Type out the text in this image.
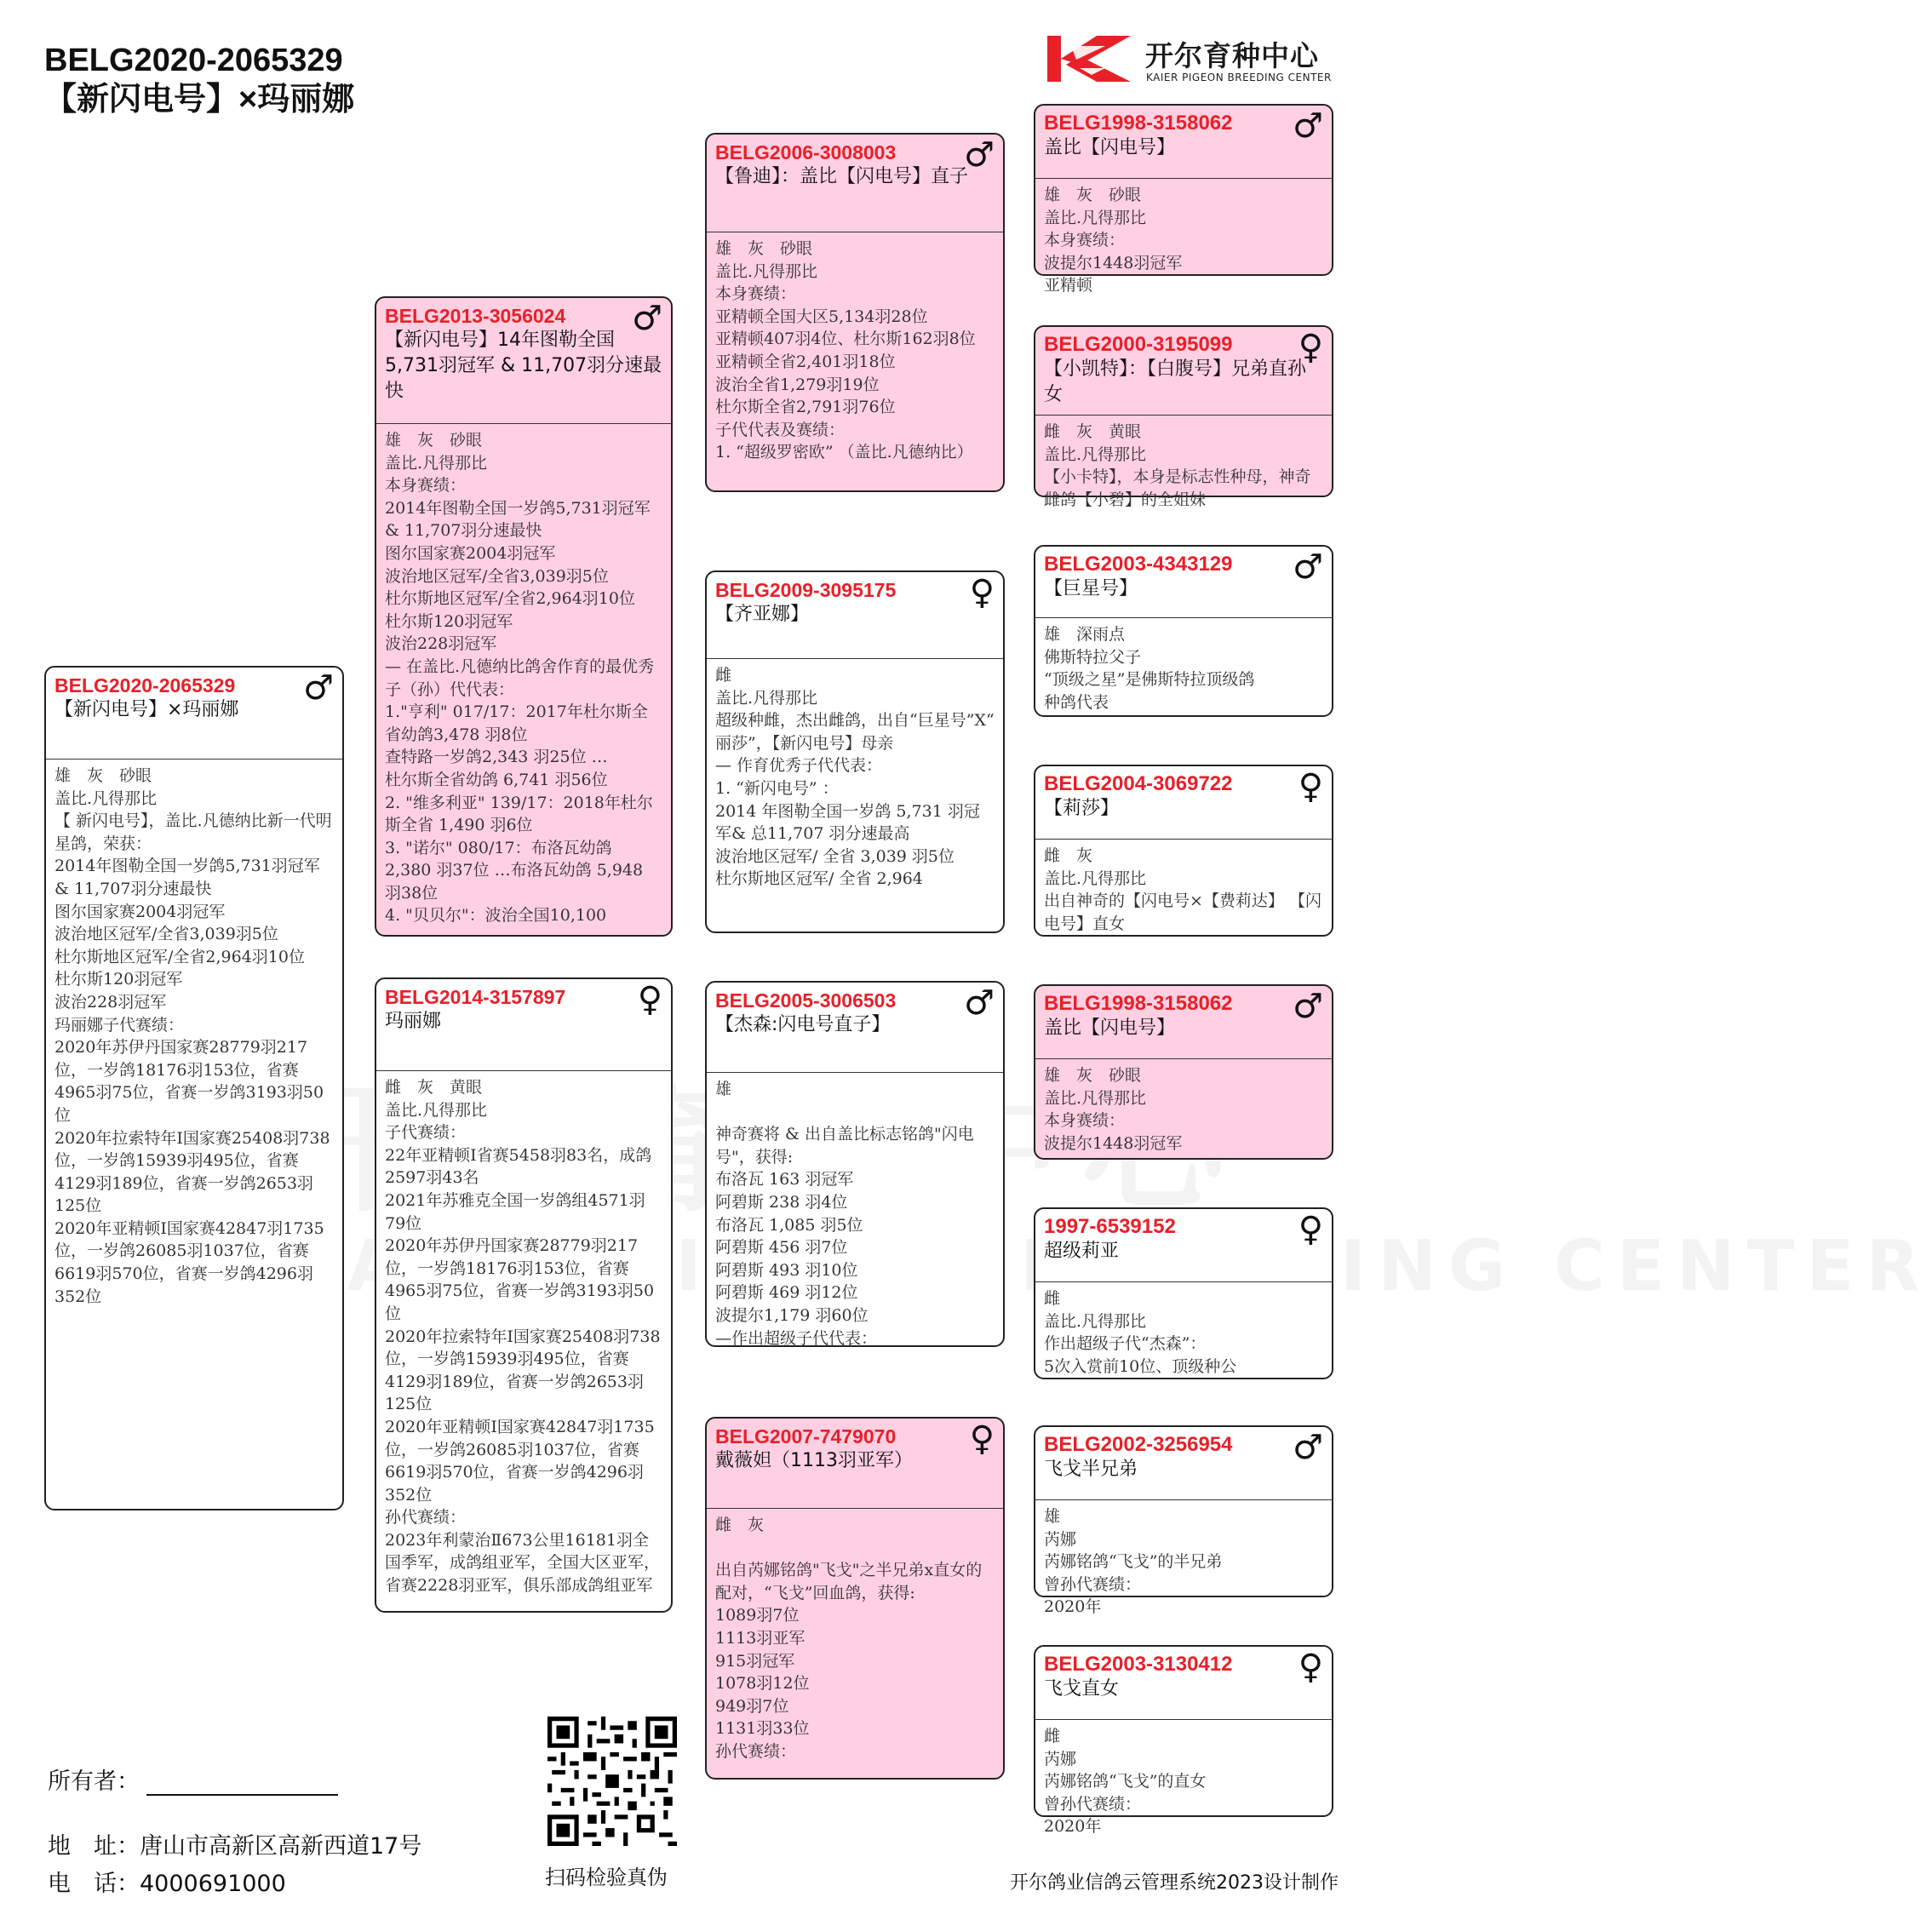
BELG2020-2065329
【新闪电号】×玛丽娜
开尔育种中心
KAIER PIGEON BREEDING CENTER
BELG2020-2065329
【新闪电号】×玛丽娜
♂
雄　灰　砂眼
盖比.凡得那比
【 新闪电号】，盖比.凡德纳比新一代明星鸽，荣获：
2014年图勒全国一岁鸽5,731羽冠军 & 11,707羽分速最快
图尔国家赛2004羽冠军
波治地区冠军/全省3,039羽5位
杜尔斯地区冠军/全省2,964羽10位
杜尔斯120羽冠军
波治228羽冠军
玛丽娜子代赛绩：
2020年苏伊丹国家赛28779羽217位，一岁鸽18176羽153位，省赛4965羽75位，省赛一岁鸽3193羽50位
2020年拉索特年I国家赛25408羽738位，一岁鸽15939羽495位，省赛4129羽189位，省赛一岁鸽2653羽125位
2020年亚精顿I国家赛42847羽1735位，一岁鸽26085羽1037位，省赛6619羽570位，省赛一岁鸽4296羽352位
BELG2013-3056024
【新闪电号】14年图勒全国5,731羽冠军 & 11,707羽分速最快
♂
雄　灰　砂眼
盖比.凡得那比
本身赛绩：
2014年图勒全国一岁鸽5,731羽冠军 & 11,707羽分速最快
图尔国家赛2004羽冠军
波治地区冠军/全省3,039羽5位
杜尔斯地区冠军/全省2,964羽10位
杜尔斯120羽冠军
波治228羽冠军
— 在盖比.凡德纳比鸽舍作育的最优秀子（孙）代代表：
1."亨利" 017/17：2017年杜尔斯全省幼鸽3,478 羽8位
查特路一岁鸽2,343 羽25位 …
杜尔斯全省幼鸽 6,741 羽56位
2. "维多利亚" 139/17：2018年杜尔斯全省 1,490 羽6位
3. "诺尔" 080/17：布洛瓦幼鸽 2,380 羽37位 …布洛瓦幼鸽 5,948 羽38位
4. "贝贝尔"：波治全国10,100
BELG2014-3157897
玛丽娜
♀
雌　灰　黄眼
盖比.凡得那比
子代赛绩：
22年亚精顿I省赛5458羽83名，成鸽2597羽43名
2021年苏雅克全国一岁鸽组4571羽79位
2020年苏伊丹国家赛28779羽217位，一岁鸽18176羽153位，省赛4965羽75位，省赛一岁鸽3193羽50位
2020年拉索特年I国家赛25408羽738位，一岁鸽15939羽495位，省赛4129羽189位，省赛一岁鸽2653羽125位
2020年亚精顿I国家赛42847羽1735位，一岁鸽26085羽1037位，省赛6619羽570位，省赛一岁鸽4296羽352位
孙代赛绩：
2023年利蒙治Ⅱ673公里16181羽全国季军，成鸽组亚军，全国大区亚军，省赛2228羽亚军，俱乐部成鸽组亚军
BELG2006-3008003
【鲁迪】：盖比【闪电号】直子
♂
雄　灰　砂眼
盖比.凡得那比
本身赛绩：
亚精顿全国大区5,134羽28位
亚精顿407羽4位、杜尔斯162羽8位
亚精顿全省2,401羽18位
波治全省1,279羽19位
杜尔斯全省2,791羽76位
子代代表及赛绩：
1. “超级罗密欧” （盖比.凡德纳比）
BELG2009-3095175
【齐亚娜】
♀
雌
盖比.凡得那比
超级种雌，杰出雌鸽，出自“巨星号”X“ 丽莎”，【新闪电号】母亲
— 作育优秀子代代表：
1. “新闪电号” ：
2014 年图勒全国一岁鸽 5,731 羽冠军& 总11,707 羽分速最高
波治地区冠军/ 全省 3,039 羽5位
杜尔斯地区冠军/ 全省 2,964
BELG2005-3006503
【杰森:闪电号直子】
♂
雄

神奇赛将 & 出自盖比标志铭鸽"闪电号"，获得:
布洛瓦 163 羽冠军
阿碧斯 238 羽4位
布洛瓦 1,085 羽5位
阿碧斯 456 羽7位
阿碧斯 493 羽10位
阿碧斯 469 羽12位
波提尔1,179 羽60位
—作出超级子代代表：
BELG2007-7479070
戴薇妲（1113羽亚军）
♀
雌　灰

出自芮娜铭鸽"飞戈"之半兄弟x直女的配对，“飞戈”回血鸽，获得:
1089羽7位
1113羽亚军
915羽冠军
1078羽12位
949羽7位
1131羽33位
孙代赛绩：
BELG1998-3158062
盖比【闪电号】
♂
雄　灰　砂眼
盖比.凡得那比
本身赛绩：
波提尔1448羽冠军
亚精顿
BELG2000-3195099
【小凯特】：【白腹号】兄弟直孙女
♀
雌　灰　黄眼
盖比.凡得那比
【小卡特】，本身是标志性种母，神奇雌鸽【小碧】的全姐妹
BELG2003-4343129
【巨星号】
♂
雄　深雨点
佛斯特拉父子
“顶级之星”是佛斯特拉顶级鸽
种鸽代表
BELG2004-3069722
【莉莎】
♀
雌　灰
盖比.凡得那比
出自神奇的【闪电号×【费莉达】 【闪电号】直女
BELG1998-3158062
盖比【闪电号】
♂
雄　灰　砂眼
盖比.凡得那比
本身赛绩：
波提尔1448羽冠军
1997-6539152
超级莉亚
♀
雌
盖比.凡得那比
作出超级子代“杰森”：
5次入赏前10位、顶级种公
BELG2002-3256954
飞戈半兄弟
♂
雄
芮娜
芮娜铭鸽“飞戈”的半兄弟
曾孙代赛绩：
2020年
BELG2003-3130412
飞戈直女
♀
雌
芮娜
芮娜铭鸽“飞戈”的直女
曾孙代赛绩：
2020年
所有者：
地　址：唐山市高新区高新西道17号
电　话：4000691000	扫码检验真伪	开尔鸽业信鸽云管理系统2023设计制作
